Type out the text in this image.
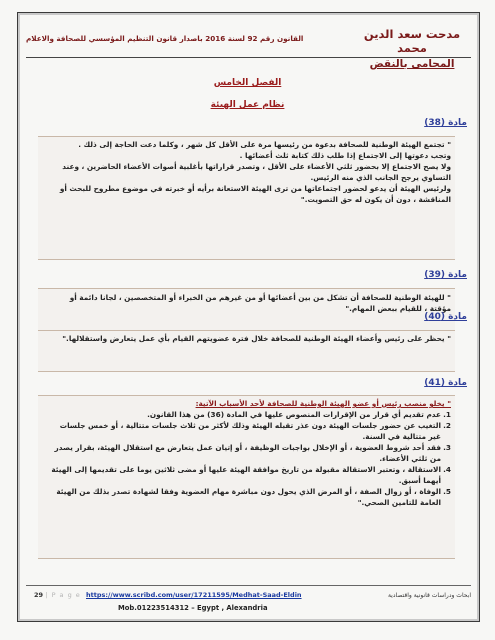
مدحت سعد الدين محمد
المحامى بالنقض
القانون رقم 92 لسنة 2016 باصدار قانون التنظيم المؤسسي للصحافة والاعلام
الفصل الخامس
نظام عمل الهيئة
مادة (38)

" تجتمع الهيئة الوطنية للصحافة بدعوة من رئيسها مرة على الأقل كل شهر ، وكلما دعت الحاجة إلى ذلك .

وتجب دعوتها إلى الاجتماع إذا طلب ذلك كتابة ثلث أعضائها .

ولا يصح الاجتماع إلا بحضور ثلثي الأعضاء على الأقل ، وتصدر قراراتها بأغلبية أصوات الأعضاء الحاضرين ، وعند التساوي يرجح الجانب الذي منه الرئيس.

ولرئيس الهيئة أن يدعو لحضور اجتماعاتها من ترى الهيئة الاستعانة برأيه أو خبرته في موضوع مطروح للبحث أو المناقشة ، دون أن يكون له حق التصويت."

مادة (39)

" للهيئة الوطنية للصحافة أن تشكل من بين أعضائها أو من غيرهم من الخبراء أو المتخصصين ، لجانا دائمة أو مؤقتة ، للقيام ببعض المهام."

مادة (40)

" يحظر على رئيس وأعضاء الهيئة الوطنية للصحافة خلال فترة عضويتهم القيام بأي عمل يتعارض واستقلالها."

مادة (41)

" يخلو منصب رئيس أو عضو الهيئة الوطنية للصحافة لأحد الأسباب الآتية:

1.
عدم تقديم أي قرار من الإقرارات المنصوص عليها في المادة (36) من هذا القانون.
2.
التغيب عن حضور جلسات الهيئة دون عذر تقبله الهيئة وذلك لأكثر من ثلاث جلسات متتالية ، أو خمس جلسات غير متتالية في السنة.
3.
فقد أحد شروط العضوية ، أو الإخلال بواجبات الوظيفة ، أو إتيان عمل يتعارض مع استقلال الهيئة، بقرار يصدر من ثلثي الأعضاء.
4.
الاستقالة ، وتعتبر الاستقالة مقبولة من تاريخ موافقة الهيئة عليها أو مضى ثلاثين يوما على تقديمها إلى الهيئة أيهما أسبق.
5.
الوفاة ، أو زوال الصفة ، أو المرض الذي يحول دون مباشرة مهام العضوية وفقا لشهادة تصدر بذلك من الهيئة العامة للتامين الصحي."
29 | P a g e https://www.scribd.com/user/17211595/Medhat-Saad-Eldin	ابحاث ودراسات قانونية واقتصادية
Mob.01223514312 – Egypt , Alexandria
